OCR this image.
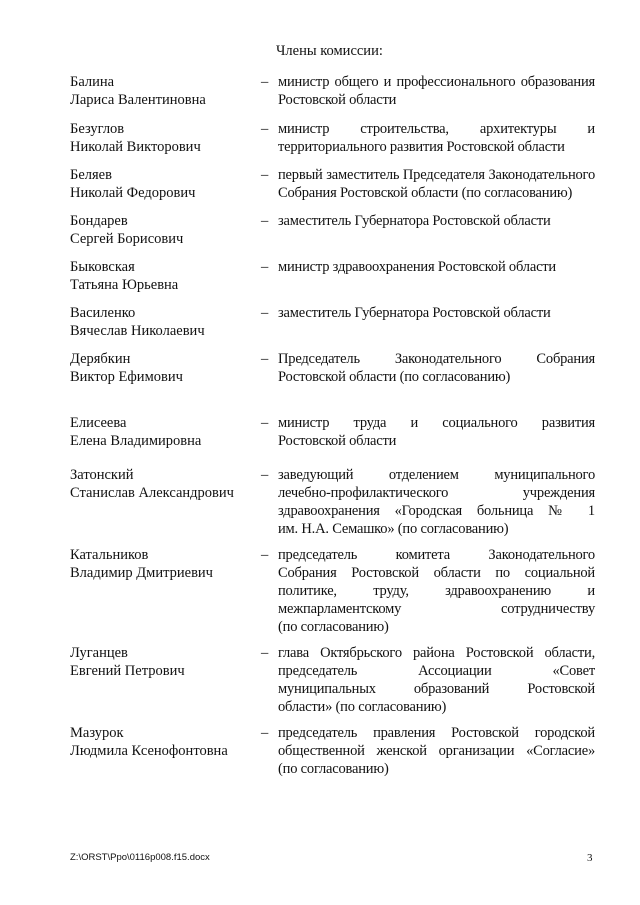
Члены комиссии:
Балина
Лариса Валентиновна
– министр общего и профессионального образования
Ростовской области
Безуглов
Николай Викторович
– министр строительства, архитектуры и
территориального развития Ростовской области
Беляев
Николай Федорович
– первый заместитель Председателя Законодательного
Собрания Ростовской области (по согласованию)
Бондарев
Сергей Борисович
– заместитель Губернатора Ростовской области
Быковская
Татьяна Юрьевна
– министр здравоохранения Ростовской области
Василенко
Вячеслав Николаевич
– заместитель Губернатора Ростовской области
Дерябкин
Виктор Ефимович
– Председатель Законодательного Собрания
Ростовской области (по согласованию)
Елисеева
Елена Владимировна
– министр труда и социального развития
Ростовской области
Затонский
Станислав Александрович
– заведующий отделением муниципального
лечебно-профилактического учреждения
здравоохранения «Городская больница № 1
им. Н.А. Семашко» (по согласованию)
Катальников
Владимир Дмитриевич
– председатель комитета Законодательного
Собрания Ростовской области по социальной
политике, труду, здравоохранению и
межпарламентскому сотрудничеству
(по согласованию)
Луганцев
Евгений Петрович
– глава Октябрьского района Ростовской области,
председатель Ассоциации «Совет
муниципальных образований Ростовской
области» (по согласованию)
Мазурок
Людмила Ксенофонтовна
– председатель правления Ростовской городской
общественной женской организации «Согласие»
(по согласованию)
Z:\ORST\Ppo\0116p008.f15.docx	3
